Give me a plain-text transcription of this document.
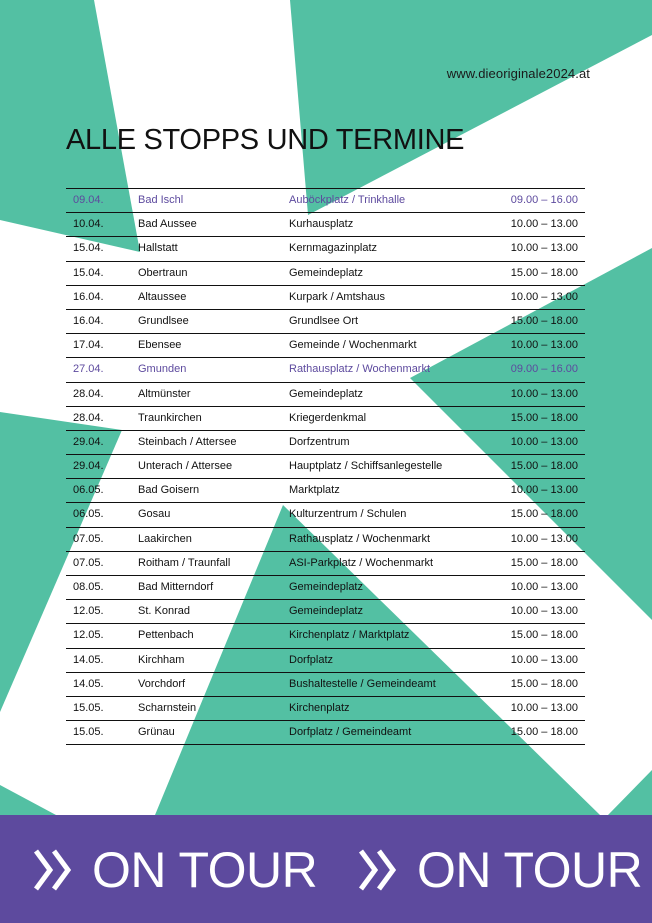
www.dieoriginale2024.at
ALLE STOPPS UND TERMINE
09.04.	Bad Ischl	Auböckplatz / Trinkhalle	09.00 – 16.00
10.04.	Bad Aussee	Kurhausplatz	10.00 – 13.00
15.04.	Hallstatt	Kernmagazinplatz	10.00 – 13.00
15.04.	Obertraun	Gemeindeplatz	15.00 – 18.00
16.04.	Altaussee	Kurpark / Amtshaus	10.00 – 13.00
16.04.	Grundlsee	Grundlsee Ort	15.00 – 18.00
17.04.	Ebensee	Gemeinde / Wochenmarkt	10.00 – 13.00
27.04.	Gmunden	Rathausplatz / Wochenmarkt	09.00 – 16.00
28.04.	Altmünster	Gemeindeplatz	10.00 – 13.00
28.04.	Traunkirchen	Kriegerdenkmal	15.00 – 18.00
29.04.	Steinbach / Attersee	Dorfzentrum	10.00 – 13.00
29.04.	Unterach / Attersee	Hauptplatz / Schiffsanlegestelle	15.00 – 18.00
06.05.	Bad Goisern	Marktplatz	10.00 – 13.00
06.05.	Gosau	Kulturzentrum / Schulen	15.00 – 18.00
07.05.	Laakirchen	Rathausplatz / Wochenmarkt	10.00 – 13.00
07.05.	Roitham / Traunfall	ASI-Parkplatz / Wochenmarkt	15.00 – 18.00
08.05.	Bad Mitterndorf	Gemeindeplatz	10.00 – 13.00
12.05.	St. Konrad	Gemeindeplatz	10.00 – 13.00
12.05.	Pettenbach	Kirchenplatz / Marktplatz	15.00 – 18.00
14.05.	Kirchham	Dorfplatz	10.00 – 13.00
14.05.	Vorchdorf	Bushaltestelle / Gemeindeamt	15.00 – 18.00
15.05.	Scharnstein	Kirchenplatz	10.00 – 13.00
15.05.	Grünau	Dorfplatz / Gemeindeamt	15.00 – 18.00
ON TOUR ON TOUR
